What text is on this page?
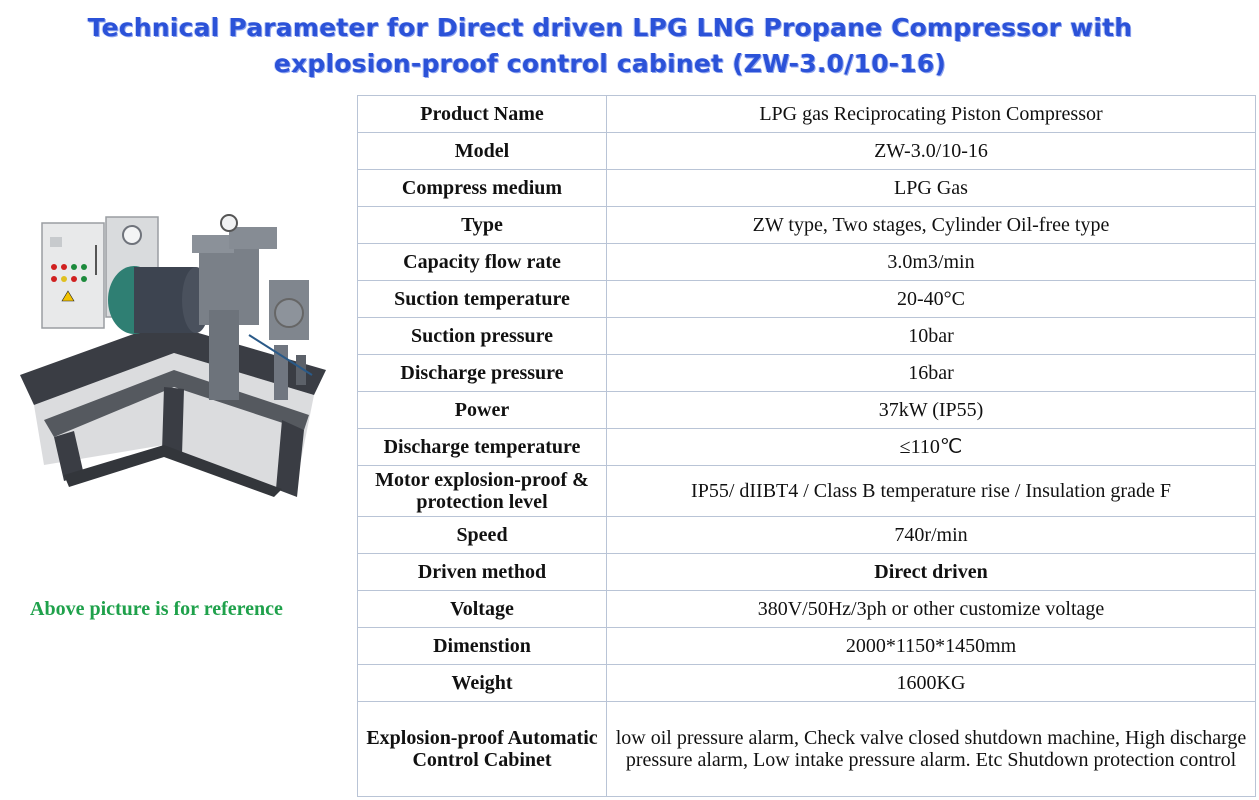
Technical Parameter for Direct driven LPG LNG Propane Compressor with
explosion-proof control cabinet (ZW-3.0/10-16)
Above picture is for reference
Product Name	LPG gas Reciprocating Piston Compressor
Model	ZW-3.0/10-16
Compress medium	LPG Gas
Type	ZW type, Two stages, Cylinder Oil-free type
Capacity flow rate	3.0m3/min
Suction temperature	20-40°C
Suction pressure	10bar
Discharge pressure	16bar
Power	37kW (IP55)
Discharge temperature	≤110℃
Motor explosion-proof & protection level	IP55/ dIIBT4 / Class B temperature rise / Insulation grade F
Speed	740r/min
Driven method	Direct driven
Voltage	380V/50Hz/3ph or other customize voltage
Dimenstion	2000*1150*1450mm
Weight	1600KG
Explosion-proof Automatic Control Cabinet	low oil pressure alarm, Check valve closed shutdown machine, High discharge pressure alarm, Low intake pressure alarm. Etc Shutdown protection control
